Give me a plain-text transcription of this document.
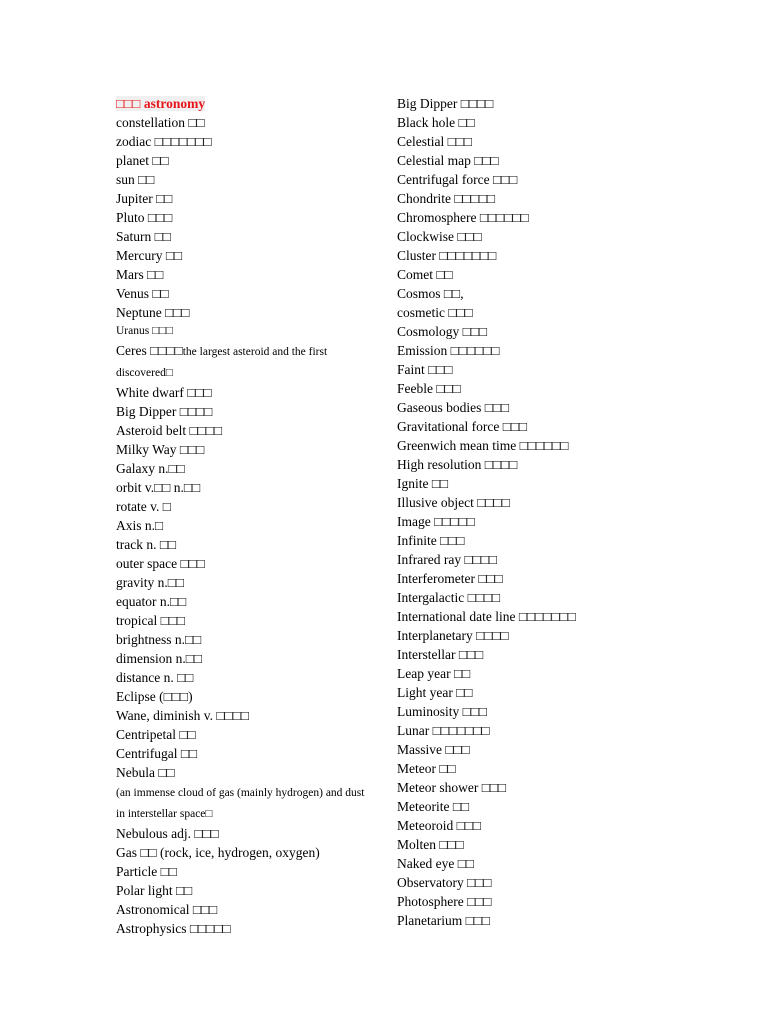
□□□ astronomy
constellation □□
zodiac □□□□□□□
planet □□
sun □□
Jupiter □□
Pluto □□□
Saturn □□
Mercury □□
Mars □□
Venus □□
Neptune □□□
Uranus □□□
Ceres □□□□the largest asteroid and the first discovered□
White dwarf □□□
Big Dipper □□□□
Asteroid belt □□□□
Milky Way □□□
Galaxy n.□□
orbit v.□□ n.□□
rotate v. □
Axis n.□
track n. □□
outer space □□□
gravity n.□□
equator n.□□
tropical □□□
brightness n.□□
dimension n.□□
distance n. □□
Eclipse (□□□)
Wane, diminish v. □□□□
Centripetal □□
Centrifugal □□
Nebula □□
(an immense cloud of gas (mainly hydrogen) and dust in interstellar space□
Nebulous adj. □□□
Gas □□ (rock, ice, hydrogen, oxygen)
Particle □□
Polar light □□
Astronomical □□□
Astrophysics □□□□□
Big Dipper □□□□
Black hole □□
Celestial □□□
Celestial map □□□
Centrifugal force □□□
Chondrite □□□□□
Chromosphere □□□□□□
Clockwise □□□
Cluster □□□□□□□
Comet □□
Cosmos □□,
cosmetic □□□
Cosmology □□□
Emission □□□□□□
Faint □□□
Feeble □□□
Gaseous bodies □□□
Gravitational force □□□
Greenwich mean time □□□□□□
High resolution □□□□
Ignite □□
Illusive object □□□□
Image □□□□□
Infinite □□□
Infrared ray □□□□
Interferometer □□□
Intergalactic □□□□
International date line □□□□□□□
Interplanetary □□□□
Interstellar □□□
Leap year □□
Light year □□
Luminosity □□□
Lunar □□□□□□□
Massive □□□
Meteor □□
Meteor shower □□□
Meteorite □□
Meteoroid □□□
Molten □□□
Naked eye □□
Observatory □□□
Photosphere □□□
Planetarium □□□
